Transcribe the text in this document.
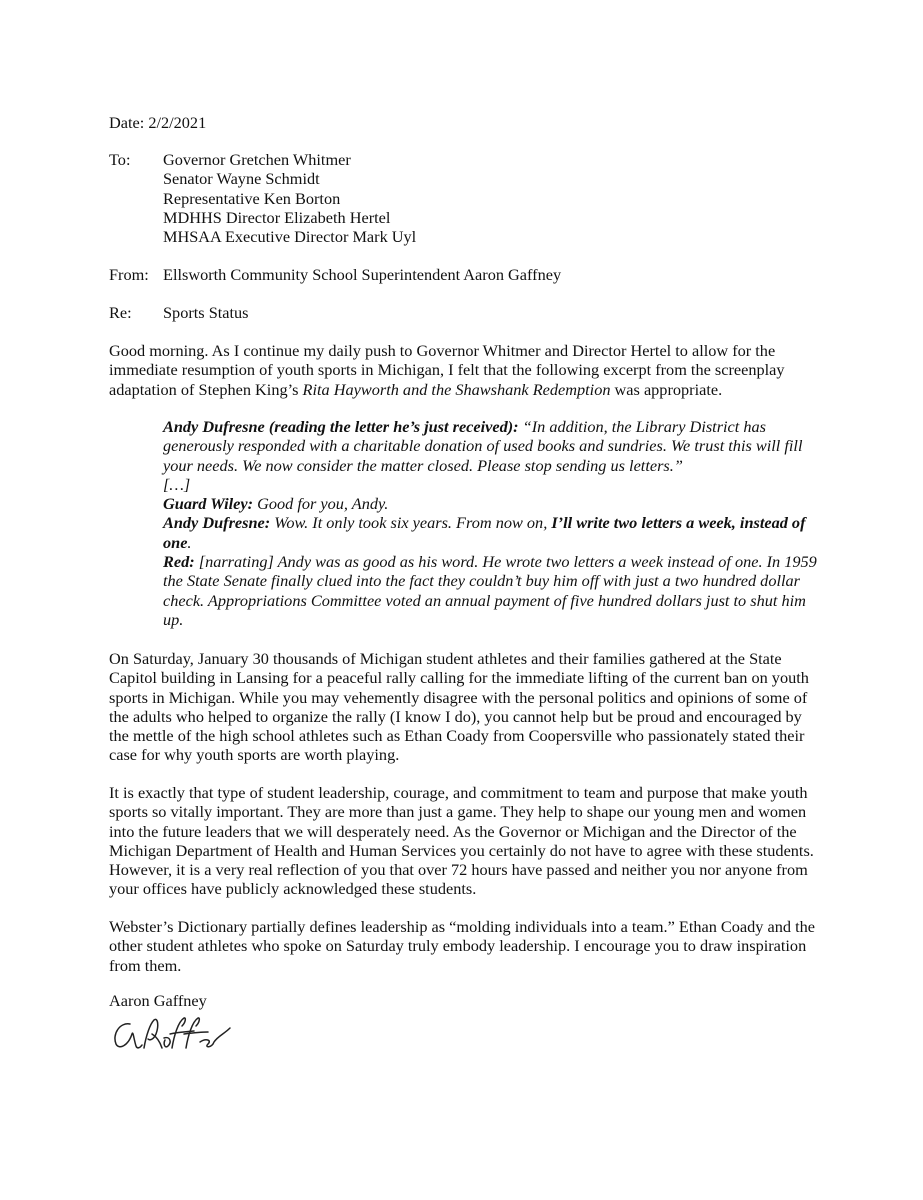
Date: 2/2/2021
To: Governor Gretchen Whitmer
Senator Wayne Schmidt
Representative Ken Borton
MDHHS Director Elizabeth Hertel
MHSAA Executive Director Mark Uyl
From: Ellsworth Community School Superintendent Aaron Gaffney
Re: Sports Status

Good morning. As I continue my daily push to Governor Whitmer and Director Hertel to allow for the immediate resumption of youth sports in Michigan, I felt that the following excerpt from the screenplay adaptation of Stephen King’s Rita Hayworth and the Shawshank Redemption was appropriate.

Andy Dufresne (reading the letter he’s just received): “In addition, the Library District has generously responded with a charitable donation of used books and sundries. We trust this will fill your needs. We now consider the matter closed. Please stop sending us letters.”
[…]
Guard Wiley: Good for you, Andy.
Andy Dufresne: Wow. It only took six years. From now on, I’ll write two letters a week, instead of one.
Red: [narrating] Andy was as good as his word. He wrote two letters a week instead of one. In 1959 the State Senate finally clued into the fact they couldn’t buy him off with just a two hundred dollar check. Appropriations Committee voted an annual payment of five hundred dollars just to shut him up.

On Saturday, January 30 thousands of Michigan student athletes and their families gathered at the State Capitol building in Lansing for a peaceful rally calling for the immediate lifting of the current ban on youth sports in Michigan. While you may vehemently disagree with the personal politics and opinions of some of the adults who helped to organize the rally (I know I do), you cannot help but be proud and encouraged by the mettle of the high school athletes such as Ethan Coady from Coopersville who passionately stated their case for why youth sports are worth playing.

It is exactly that type of student leadership, courage, and commitment to team and purpose that make youth sports so vitally important. They are more than just a game. They help to shape our young men and women into the future leaders that we will desperately need. As the Governor or Michigan and the Director of the Michigan Department of Health and Human Services you certainly do not have to agree with these students. However, it is a very real reflection of you that over 72 hours have passed and neither you nor anyone from your offices have publicly acknowledged these students.

Webster’s Dictionary partially defines leadership as “molding individuals into a team.” Ethan Coady and the other student athletes who spoke on Saturday truly embody leadership. I encourage you to draw inspiration from them.

Aaron Gaffney
